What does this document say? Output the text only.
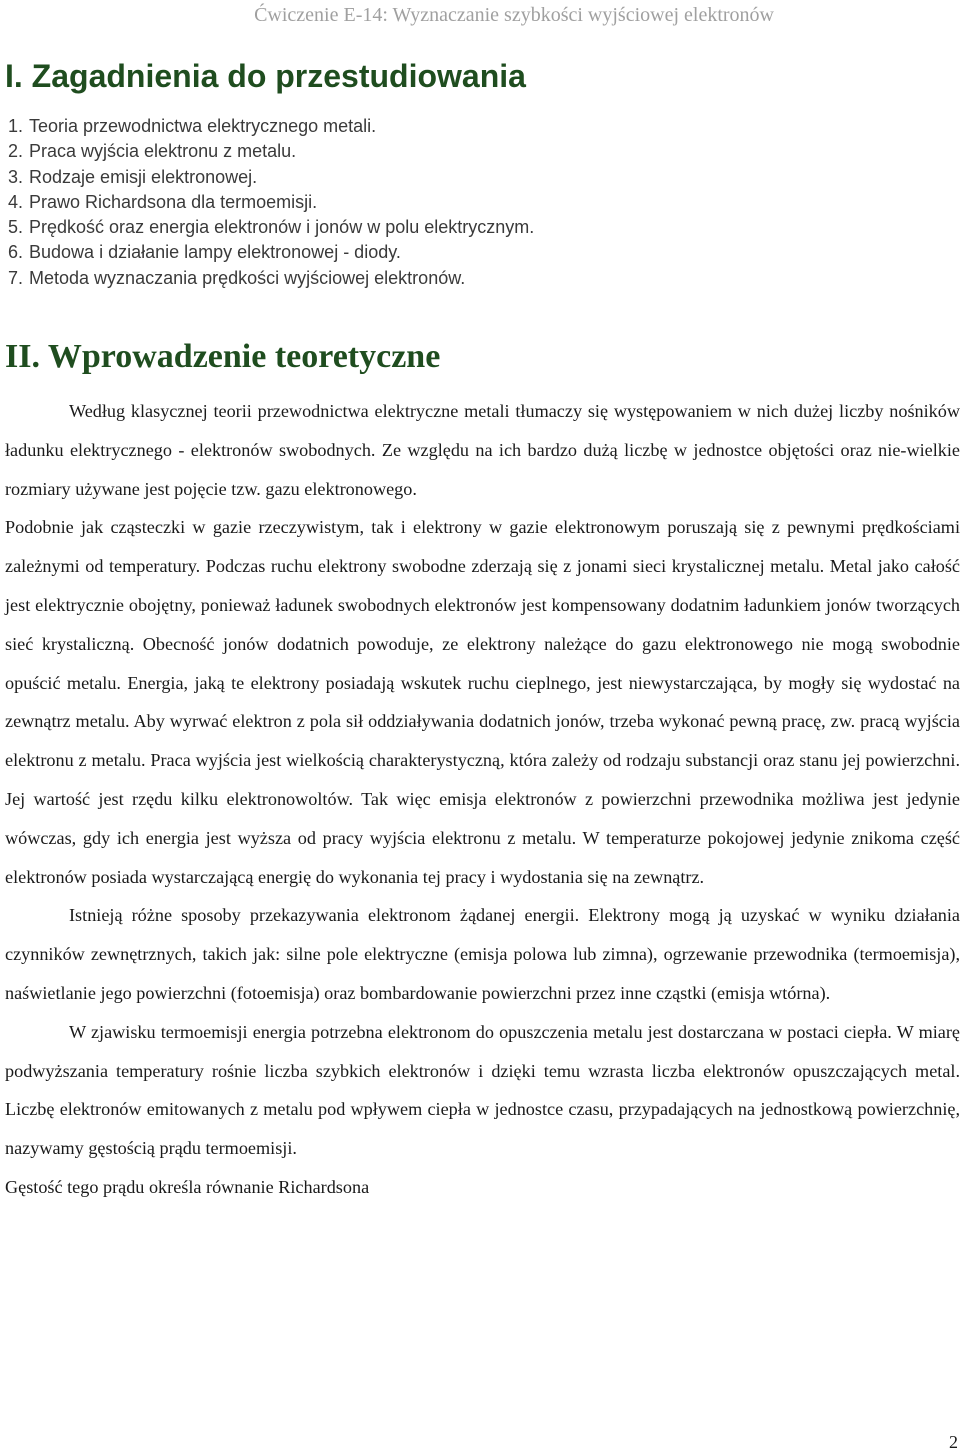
Ćwiczenie E-14: Wyznaczanie szybkości wyjściowej elektronów
I. Zagadnienia do przestudiowania
1. Teoria przewodnictwa elektrycznego metali.
2. Praca wyjścia elektronu z metalu.
3. Rodzaje emisji elektronowej.
4. Prawo Richardsona dla termoemisji.
5. Prędkość oraz energia elektronów i jonów w polu elektrycznym.
6. Budowa i działanie lampy elektronowej - diody.
7. Metoda wyznaczania prędkości wyjściowej elektronów.
II. Wprowadzenie teoretyczne

Według klasycznej teorii przewodnictwa elektryczne metali tłumaczy się występowaniem w nich dużej liczby nośników ładunku elektrycznego - elektronów swobodnych. Ze względu na ich bardzo dużą liczbę w jednostce objętości oraz nie-wielkie rozmiary używane jest pojęcie tzw. gazu elektronowego.

Podobnie jak cząsteczki w gazie rzeczywistym, tak i elektrony w gazie elektronowym poruszają się z pewnymi prędkościami zależnymi od temperatury. Podczas ruchu elektrony swobodne zderzają się z jonami sieci krystalicznej metalu. Metal jako całość jest elektrycznie obojętny, ponieważ ładunek swobodnych elektronów jest kompensowany dodatnim ładunkiem jonów tworzących sieć krystaliczną. Obecność jonów dodatnich powoduje, ze elektrony należące do gazu elektronowego nie mogą swobodnie opuścić metalu. Energia, jaką te elektrony posiadają wskutek ruchu cieplnego, jest niewystarczająca, by mogły się wydostać na zewnątrz metalu. Aby wyrwać elektron z pola sił oddziaływania dodatnich jonów, trzeba wykonać pewną pracę, zw. pracą wyjścia elektronu z metalu. Praca wyjścia jest wielkością charakterystyczną, która zależy od rodzaju substancji oraz stanu jej powierzchni. Jej wartość jest rzędu kilku elektronowoltów. Tak więc emisja elektronów z powierzchni przewodnika możliwa jest jedynie wówczas, gdy ich energia jest wyższa od pracy wyjścia elektronu z metalu. W temperaturze pokojowej jedynie znikoma część elektronów posiada wystarczającą energię do wykonania tej pracy i wydostania się na zewnątrz.

Istnieją różne sposoby przekazywania elektronom żądanej energii. Elektrony mogą ją uzyskać w wyniku działania czynników zewnętrznych, takich jak: silne pole elektryczne (emisja polowa lub zimna), ogrzewanie przewodnika (termoemisja), naświetlanie jego powierzchni (fotoemisja) oraz bombardowanie powierzchni przez inne cząstki (emisja wtórna).

W zjawisku termoemisji energia potrzebna elektronom do opuszczenia metalu jest dostarczana w postaci ciepła. W miarę podwyższania temperatury rośnie liczba szybkich elektronów i dzięki temu wzrasta liczba elektronów opuszczających metal. Liczbę elektronów emitowanych z metalu pod wpływem ciepła w jednostce czasu, przypadających na jednostkową powierzchnię, nazywamy gęstością prądu termoemisji.

Gęstość tego prądu określa równanie Richardsona

2
